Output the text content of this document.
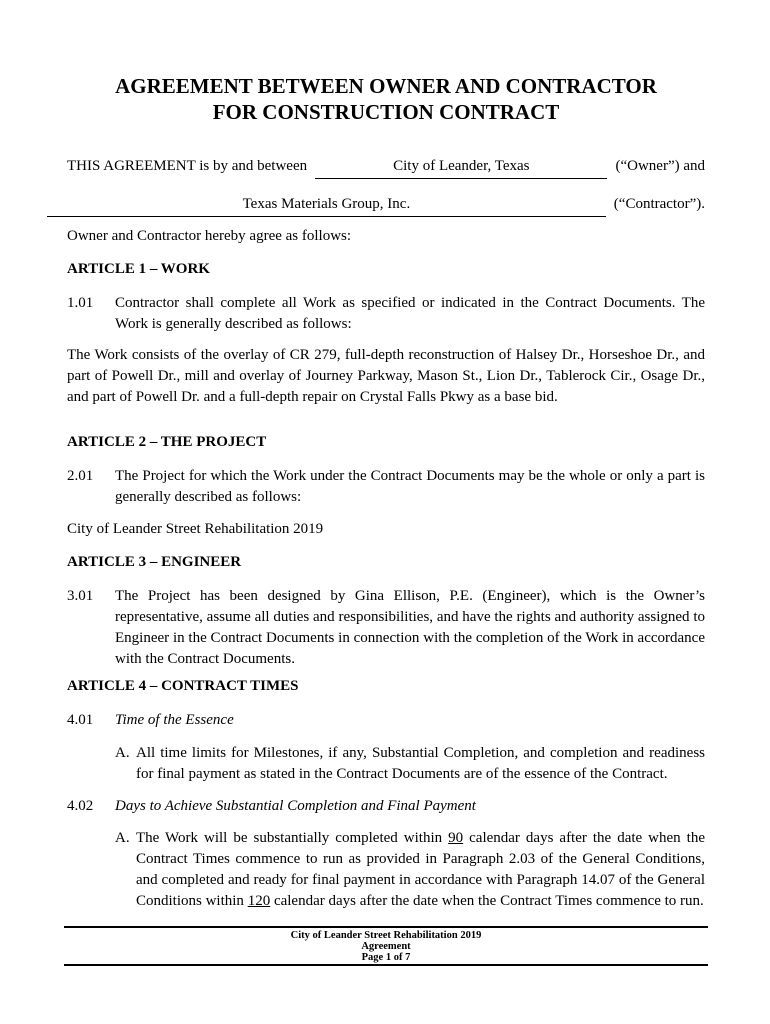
AGREEMENT BETWEEN OWNER AND CONTRACTOR
FOR CONSTRUCTION CONTRACT
THIS AGREEMENT is by and between	City of Leander, Texas	(“Owner”) and
Texas Materials Group, Inc.	(“Contractor”).

Owner and Contractor hereby agree as follows:

ARTICLE 1 – WORK

1.01 Contractor shall complete all Work as specified or indicated in the Contract Documents. The Work is generally described as follows:

The Work consists of the overlay of CR 279, full-depth reconstruction of Halsey Dr., Horseshoe Dr., and part of Powell Dr., mill and overlay of Journey Parkway, Mason St., Lion Dr., Tablerock Cir., Osage Dr., and part of Powell Dr. and a full-depth repair on Crystal Falls Pkwy as a base bid.

ARTICLE 2 – THE PROJECT

2.01 The Project for which the Work under the Contract Documents may be the whole or only a part is generally described as follows:

City of Leander Street Rehabilitation 2019

ARTICLE 3 – ENGINEER

3.01 The Project has been designed by Gina Ellison, P.E. (Engineer), which is the Owner’s representative, assume all duties and responsibilities, and have the rights and authority assigned to Engineer in the Contract Documents in connection with the completion of the Work in accordance with the Contract Documents.

ARTICLE 4 – CONTRACT TIMES

4.01 Time of the Essence

A. All time limits for Milestones, if any, Substantial Completion, and completion and readiness for final payment as stated in the Contract Documents are of the essence of the Contract.

4.02 Days to Achieve Substantial Completion and Final Payment

A. The Work will be substantially completed within 90 calendar days after the date when the Contract Times commence to run as provided in Paragraph 2.03 of the General Conditions, and completed and ready for final payment in accordance with Paragraph 14.07 of the General Conditions within 120 calendar days after the date when the Contract Times commence to run.

City of Leander Street Rehabilitation 2019
Agreement
Page 1 of 7
